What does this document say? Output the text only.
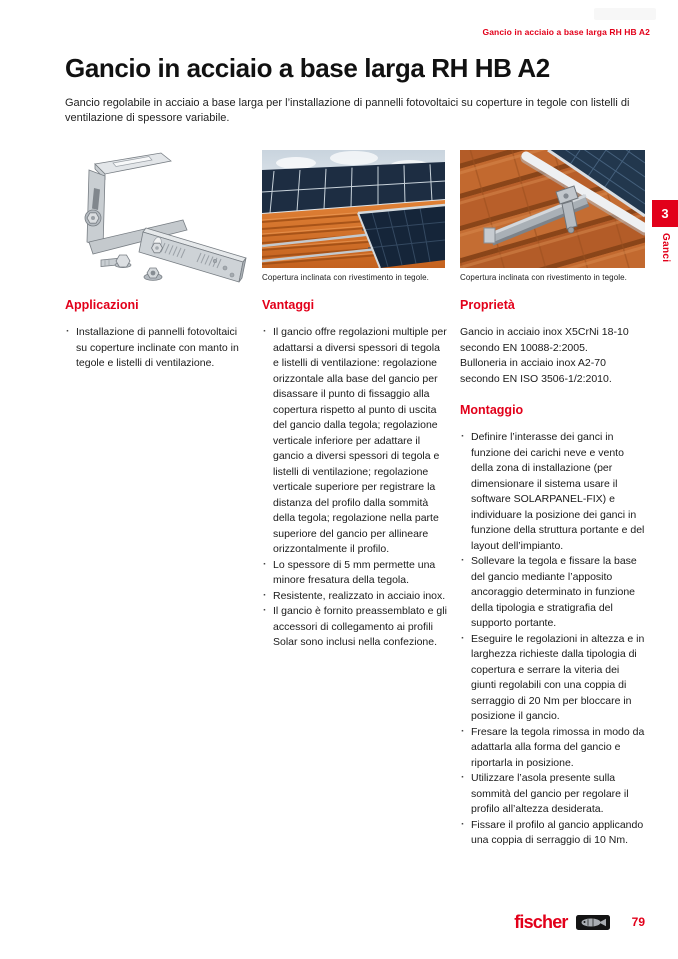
Gancio in acciaio a base larga RH HB A2
Gancio in acciaio a base larga RH HB A2

Gancio regolabile in acciaio a base larga per l’installazione di pannelli fotovoltaici su coperture in tegole con listelli di ventilazione di spessore variabile.

Copertura inclinata con rivestimento in tegole.	Copertura inclinata con rivestimento in tegole.
3
Ganci
Applicazioni
· Installazione di pannelli fotovoltaici su coperture inclinate con manto in tegole e listelli di ventilazione.
Vantaggi
· Il gancio offre regolazioni multiple per adattarsi a diversi spessori di tegola e listelli di ventilazione: regolazione orizzontale alla base del gancio per disassare il punto di fissaggio alla copertura rispetto al punto di uscita del gancio dalla tegola; regolazione verticale inferiore per adattare il gancio a diversi spessori di tegola e listelli di ventilazione; regolazione verticale superiore per registrare la distanza del profilo dalla sommità della tegola; regolazione nella parte superiore del gancio per allineare orizzontalmente il profilo.
· Lo spessore di 5 mm permette una minore fresatura della tegola.
· Resistente, realizzato in acciaio inox.
· Il gancio è fornito preassemblato e gli accessori di collegamento ai profili Solar sono inclusi nella confezione.
Proprietà

Gancio in acciaio inox X5CrNi 18-10 secondo EN 10088-2:2005.

Bulloneria in acciaio inox A2-70 secondo EN ISO 3506-1/2:2010.

Montaggio
· Definire l’interasse dei ganci in funzione dei carichi neve e vento della zona di installazione (per dimensionare il sistema usare il software SOLARPANEL-FIX) e individuare la posizione dei ganci in funzione della struttura portante e del layout dell’impianto.
· Sollevare la tegola e fissare la base del gancio mediante l’apposito ancoraggio determinato in funzione della tipologia e stratigrafia del supporto portante.
· Eseguire le regolazioni in altezza e in larghezza richieste dalla tipologia di copertura e serrare la viteria dei giunti regolabili con una coppia di serraggio di 20 Nm per bloccare in posizione il gancio.
· Fresare la tegola rimossa in modo da adattarla alla forma del gancio e riportarla in posizione.
· Utilizzare l’asola presente sulla sommità del gancio per regolare il profilo all’altezza desiderata.
· Fissare il profilo al gancio applicando una coppia di serraggio di 10 Nm.
fischer	79
